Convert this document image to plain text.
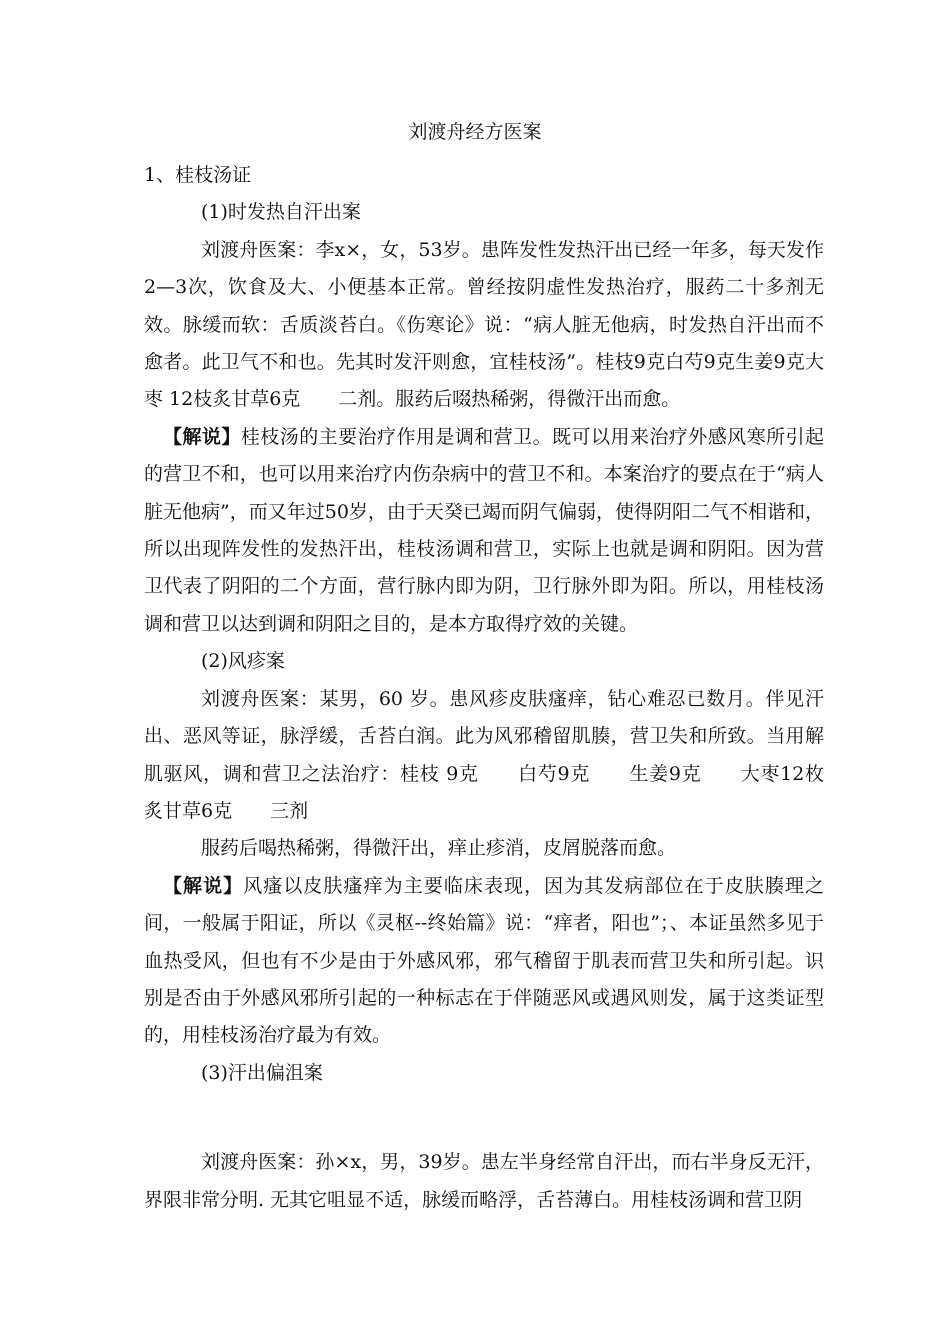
刘渡舟经方医案

1、桂枝汤证

(1)时发热自汗出案

刘渡舟医案：李x×，女，53岁。患阵发性发热汗出已经一年多，每天发作2—3次，饮食及大、小便基本正常。曾经按阴虚性发热治疗，服药二十多剂无效。脉缓而软：舌质淡苔白。《伤寒论》说：“病人脏无他病，时发热自汗出而不愈者。此卫气不和也。先其时发汗则愈，宜桂枝汤”。桂枝9克白芍9克生姜9克大枣 12枝炙甘草6克　　二剂。服药后啜热稀粥，得微汗出而愈。

【解说】桂枝汤的主要治疗作用是调和营卫。既可以用来治疗外感风寒所引起的营卫不和，也可以用来治疗内伤杂病中的营卫不和。本案治疗的要点在于“病人脏无他病”，而又年过50岁，由于天癸已竭而阴气偏弱，使得阴阳二气不相谐和，所以出现阵发性的发热汗出，桂枝汤调和营卫，实际上也就是调和阴阳。因为营卫代表了阴阳的二个方面，营行脉内即为阴，卫行脉外即为阳。所以，用桂枝汤调和营卫以达到调和阴阳之目的，是本方取得疗效的关键。

(2)风疹案

刘渡舟医案：某男，60 岁。患风疹皮肤瘙痒，钻心难忍已数月。伴见汗出、恶风等证，脉浮缓，舌苔白润。此为风邪稽留肌腠，营卫失和所致。当用解肌驱风，调和营卫之法治疗：桂枝 9克　　白芍9克　　生姜9克　　大枣12枚　　炙甘草6克　　三剂

服药后喝热稀粥，得微汗出，痒止疹消，皮屑脱落而愈。

【解说】风瘙以皮肤瘙痒为主要临床表现，因为其发病部位在于皮肤腠理之间，一般属于阳证，所以《灵枢--终始篇》说：“痒者，阳也”；、本证虽然多见于血热受风，但也有不少是由于外感风邪，邪气稽留于肌表而营卫失和所引起。识别是否由于外感风邪所引起的一种标志在于伴随恶风或遇风则发，属于这类证型的，用桂枝汤治疗最为有效。

(3)汗出偏沮案

刘渡舟医案：孙×x，男，39岁。患左半身经常自汗出，而右半身反无汗，界限非常分明. 无其它咀显不适，脉缓而略浮，舌苔薄白。用桂枝汤调和营卫阴
